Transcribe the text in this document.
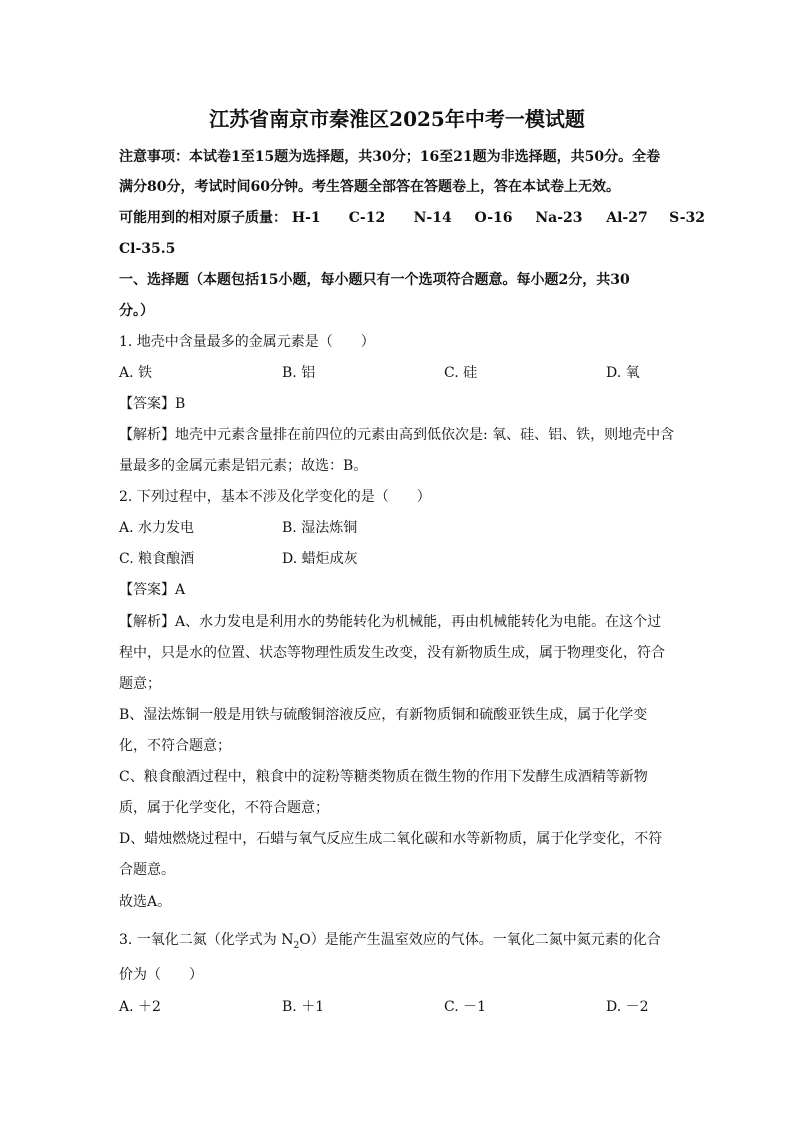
江苏省南京市秦淮区2025年中考一模试题
注意事项：本试卷1至15题为选择题，共30分；16至21题为非选择题，共50分。全卷
满分80分，考试时间60分钟。考生答题全部答在答题卷上，答在本试卷上无效。
可能用到的相对原子质量： H-1 C-12 N-14 O-16 Na-23 Al-27 S-32
Cl-35.5
一、选择题（本题包括15小题，每小题只有一个选项符合题意。每小题2分，共30
分。）
1. 地壳中含量最多的金属元素是（　　）
A. 铁	B. 铝	C. 硅	D. 氧
【答案】B
【解析】地壳中元素含量排在前四位的元素由高到低依次是: 氧、硅、铝、铁，则地壳中含
量最多的金属元素是铝元素；故选：B。
2. 下列过程中，基本不涉及化学变化的是（　　）
A. 水力发电	B. 湿法炼铜
C. 粮食酿酒	D. 蜡炬成灰
【答案】A
【解析】A、水力发电是利用水的势能转化为机械能，再由机械能转化为电能。在这个过
程中，只是水的位置、状态等物理性质发生改变，没有新物质生成，属于物理变化，符合
题意；
B、湿法炼铜一般是用铁与硫酸铜溶液反应，有新物质铜和硫酸亚铁生成，属于化学变
化，不符合题意；
C、粮食酿酒过程中，粮食中的淀粉等糖类物质在微生物的作用下发酵生成酒精等新物
质，属于化学变化，不符合题意；
D、蜡烛燃烧过程中，石蜡与氧气反应生成二氧化碳和水等新物质，属于化学变化，不符
合题意。
故选A。
3. 一氧化二氮（化学式为 $N_2O$）是能产生温室效应的气体。一氧化二氮中氮元素的化合
价为（　　）
A. ＋2	B. ＋1	C. －1	D. －2
